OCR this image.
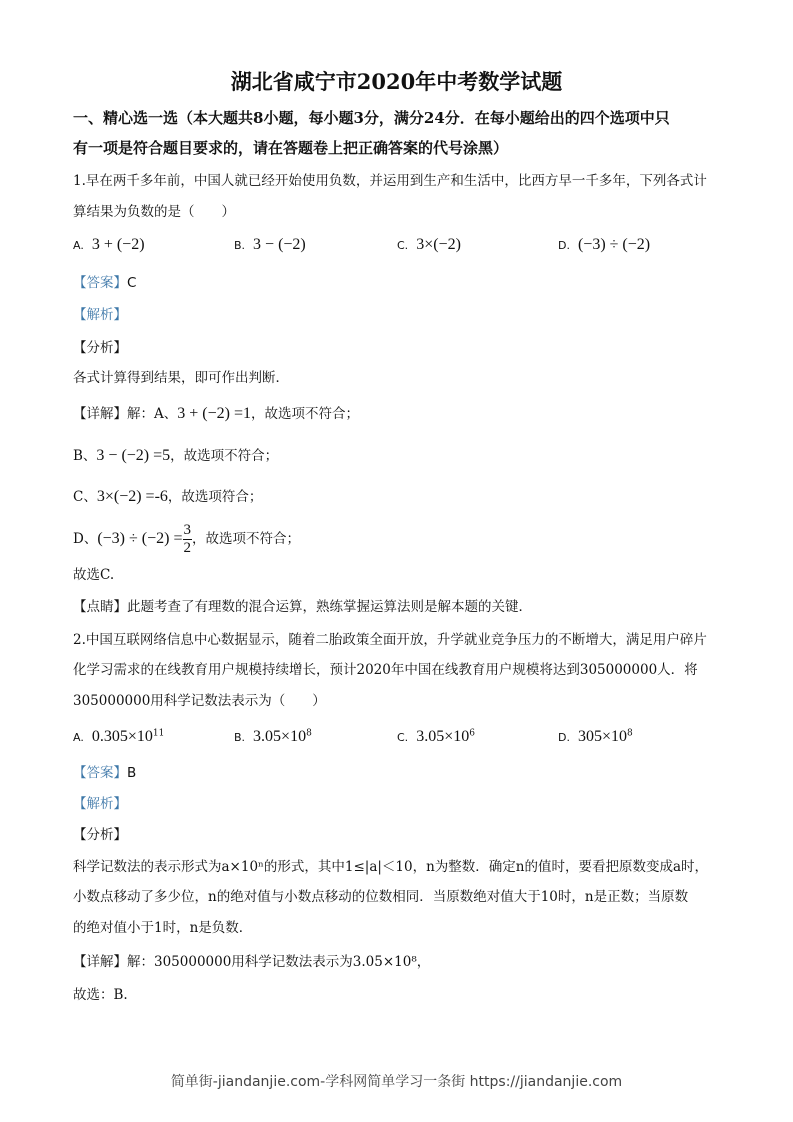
湖北省咸宁市2020年中考数学试题
一、精心选一选（本大题共8小题，每小题3分，满分24分．在每小题给出的四个选项中只
有一项是符合题目要求的，请在答题卷上把正确答案的代号涂黑）
1.早在两千多年前，中国人就已经开始使用负数，并运用到生产和生活中，比西方早一千多年，下列各式计
算结果为负数的是（　　）
A. 3 + (−2)	B. 3 − (−2)	C. 3×(−2)	D. (−3) ÷ (−2)
【答案】C
【解析】
【分析】
各式计算得到结果，即可作出判断．
【详解】解：A、3 + (−2) =1，故选项不符合；
B、3 − (−2) =5，故选项不符合；
C、3×(−2) =-6，故选项符合；
D、$(-3) \div (-2) = \frac{3}{2}$ ，故选项不符合；
故选C.
【点睛】此题考查了有理数的混合运算，熟练掌握运算法则是解本题的关键．
2.中国互联网络信息中心数据显示，随着二胎政策全面开放，升学就业竞争压力的不断增大，满足用户碎片
化学习需求的在线教育用户规模持续增长，预计2020年中国在线教育用户规模将达到305000000人．将
305000000用科学记数法表示为（　　）
A. $0.305\times 10^{11}$	B. $3.05\times 10^8$	C. $3.05\times 10^6$	D. $305\times 10^8$
【答案】B
【解析】
【分析】
科学记数法的表示形式为a×10ⁿ的形式，其中1≤|a|＜10，n为整数．确定n的值时，要看把原数变成a时，
小数点移动了多少位，n的绝对值与小数点移动的位数相同．当原数绝对值大于10时，n是正数；当原数
的绝对值小于1时，n是负数．
【详解】解：305000000用科学记数法表示为3.05×10⁸，
故选：B.
简单街-jiandanjie.com-学科网简单学习一条街 https://jiandanjie.com
